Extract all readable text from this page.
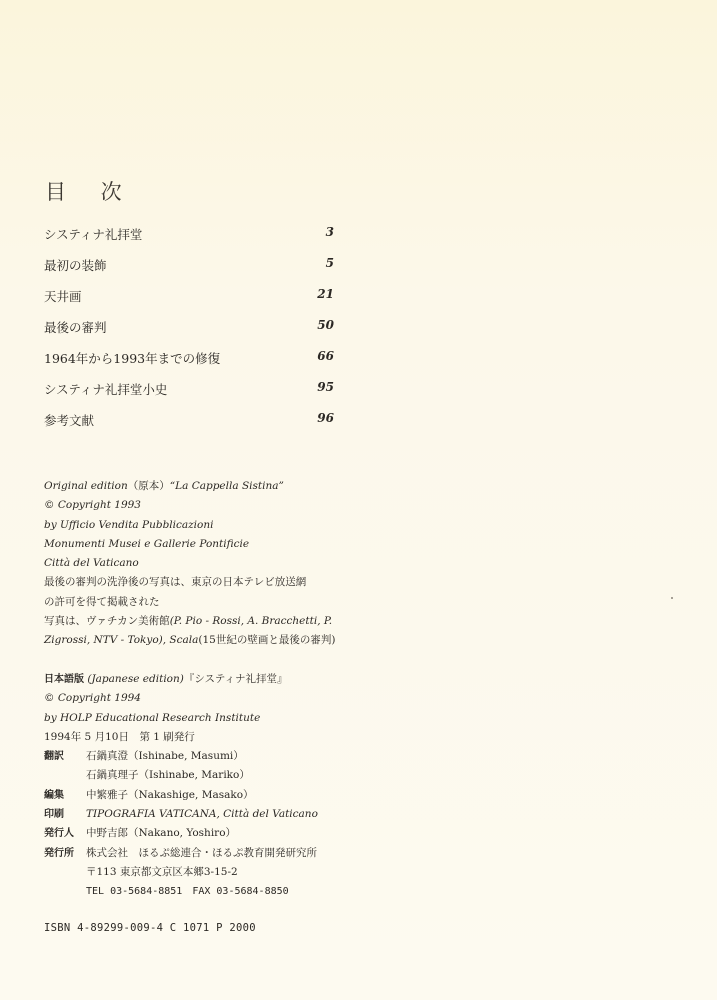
目 次
システィナ礼拝堂	3
最初の装飾	5
天井画	21
最後の審判	50
1964年から1993年までの修復	66
システィナ礼拝堂小史	95
参考文献	96
Original edition（原本）“La Cappella Sistina”
© Copyright 1993
by Ufficio Vendita Pubblicazioni
Monumenti Musei e Gallerie Pontificie
Città del Vaticano
最後の審判の洗浄後の写真は、東京の日本テレビ放送網
の許可を得て掲載された
写真は、ヴァチカン美術館(P. Pio - Rossi, A. Bracchetti, P.
Zigrossi, NTV - Tokyo), Scala(15世紀の壁画と最後の審判)
日本語版 (Japanese edition)『システィナ礼拝堂』
© Copyright 1994
by HOLP Educational Research Institute
1994年 5 月10日　第 1 刷発行
翻訳	石鍋真澄（Ishinabe, Masumi）
石鍋真理子（Ishinabe, Mariko）
編集	中繁雅子（Nakashige, Masako）
印刷	TIPOGRAFIA VATICANA, Città del Vaticano
発行人	中野吉郎（Nakano, Yoshiro）
発行所	株式会社　ほるぷ総連合・ほるぷ教育開発研究所
〒113 東京都文京区本郷3-15-2
TEL 03-5684-8851　FAX 03-5684-8850
ISBN 4-89299-009-4 C 1071 P 2000
